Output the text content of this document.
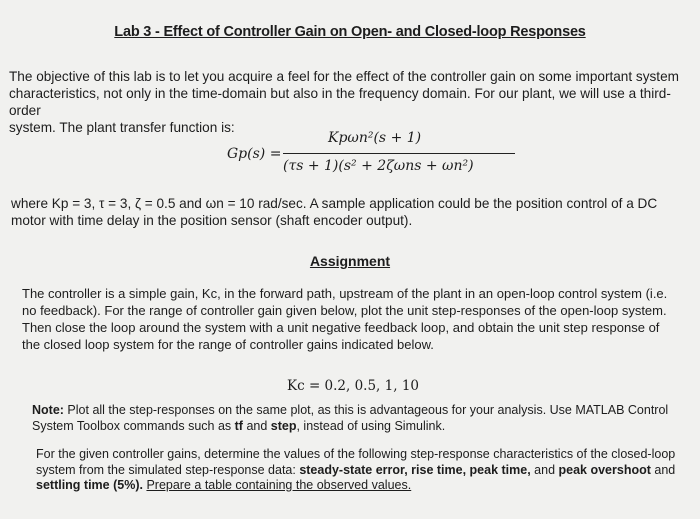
Lab 3 - Effect of Controller Gain on Open- and Closed-loop Responses
The objective of this lab is to let you acquire a feel for the effect of the controller gain on some important system
characteristics, not only in the time-domain but also in the frequency domain. For our plant, we will use a third-order
system. The plant transfer function is:
Gp(s) =
Kpωn²(s + 1)
(τs + 1)(s² + 2ζωns + ωn²)
where Kp = 3, τ = 3, ζ = 0.5 and ωn = 10 rad/sec. A sample application could be the position control of a DC
motor with time delay in the position sensor (shaft encoder output).
Assignment
The controller is a simple gain, Kc, in the forward path, upstream of the plant in an open-loop control system (i.e.
no feedback). For the range of controller gain given below, plot the unit step-responses of the open-loop system.
Then close the loop around the system with a unit negative feedback loop, and obtain the unit step response of
the closed loop system for the range of controller gains indicated below.
Kc = 0.2, 0.5, 1, 10
Note: Plot all the step-responses on the same plot, as this is advantageous for your analysis. Use MATLAB Control
System Toolbox commands such as tf and step, instead of using Simulink.
For the given controller gains, determine the values of the following step-response characteristics of the closed-loop
system from the simulated step-response data: steady-state error, rise time, peak time, and peak overshoot and
settling time (5%). Prepare a table containing the observed values.
